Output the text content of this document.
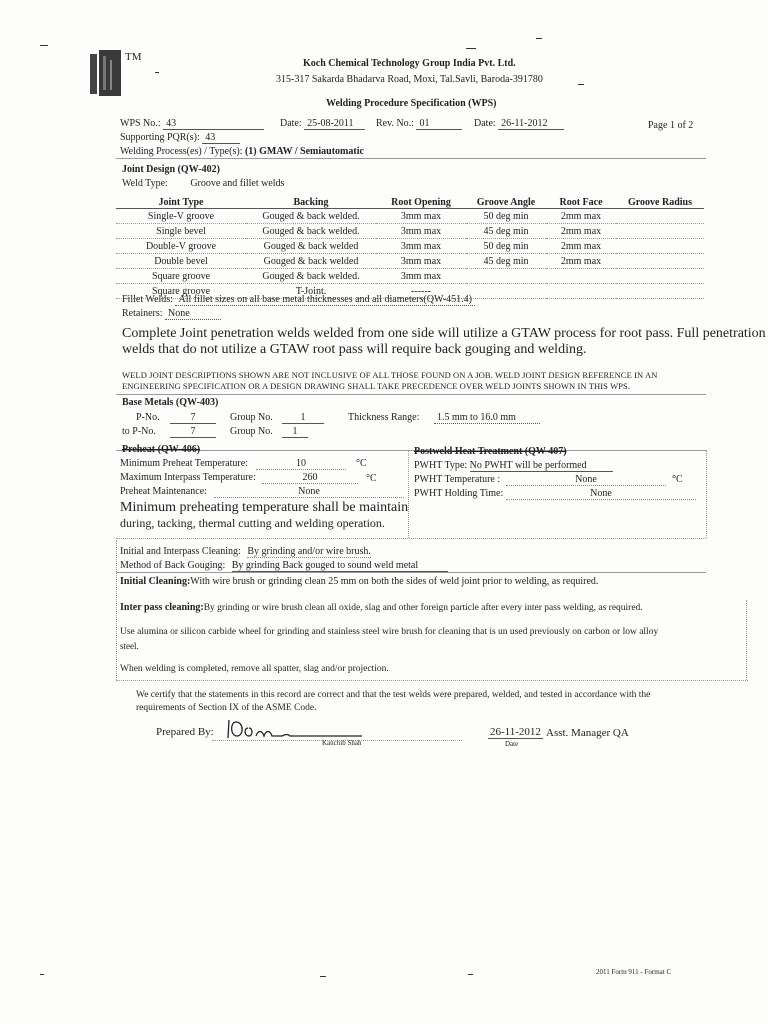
TM
Koch Chemical Technology Group India Pvt. Ltd.
315-317 Sakarda Bhadarva Road, Moxi, Tal.Savli, Baroda-391780
Welding Procedure Specification (WPS)
WPS No.: 43	Date: 25-08-2011	Rev. No.: 01	Date: 26-11-2012	Page 1 of 2
Supporting PQR(s): 43
Welding Process(es) / Type(s): (1) GMAW / Semiautomatic
Joint Design (QW-402)
Weld Type: Groove and fillet welds
Joint Type	Backing	Root Opening	Groove Angle	Root Face	Groove Radius
Single-V groove	Gouged & back welded.	3mm max	50 deg min	2mm max	
Single bevel	Gouged & back welded.	3mm max	45 deg min	2mm max	
Double-V groove	Gouged & back welded	3mm max	50 deg min	2mm max	
Double bevel	Gouged & back welded	3mm max	45 deg min	2mm max	
Square groove	Gouged & back welded.	3mm max			
Square groove	T-Joint.	------			
Fillet Welds: All fillet sizes on all base metal thicknesses and all diameters(QW-451.4)
Retainers: None
Complete Joint penetration welds welded from one side will utilize a GTAW process for root pass. Full penetration
welds that do not utilize a GTAW root pass will require back gouging and welding.
WELD JOINT DESCRIPTIONS SHOWN ARE NOT INCLUSIVE OF ALL THOSE FOUND ON A JOB. WELD JOINT DESIGN REFERENCE IN AN
ENGINEERING SPECIFICATION OR A DESIGN DRAWING SHALL TAKE PRECEDENCE OVER WELD JOINTS SHOWN IN THIS WPS.
Base Metals (QW-403)
P-No.	7	Group No.	1	Thickness Range:	1.5 mm to 16.0 mm
to P-No.	7	Group No.	1
Preheat (QW-406)
Minimum Preheat Temperature:	10	°C
Maximum Interpass Temperature:	260	°C
Preheat Maintenance:	None
Minimum preheating temperature shall be maintain
during, tacking, thermal cutting and welding operation.
Postweld Heat Treatment (QW 407)
PWHT Type: No PWHT will be performed
PWHT Temperature :	None	°C
PWHT Holding Time:	None
Initial and Interpass Cleaning: By grinding and/or wire brush.
Method of Back Gouging: By grinding Back gouged to sound weld metal
Initial Cleaning:With wire brush or grinding clean 25 mm on both the sides of weld joint prior to welding, as required.
Inter pass cleaning:By grinding or wire brush clean all oxide, slag and other foreign particle after every inter pass welding, as required.
Use alumina or silicon carbide wheel for grinding and stainless steel wire brush for cleaning that is un used previously on carbon or low alloy
steel.
When welding is completed, remove all spatter, slag and/or projection.
We certify that the statements in this record are correct and that the test welds were prepared, welded, and tested in accordance with the
requirements of Section IX of the ASME Code.
Prepared By:
Kanchib Shah
26-11-2012
Date
Asst. Manager QA
2011 Form 911 - Format C
